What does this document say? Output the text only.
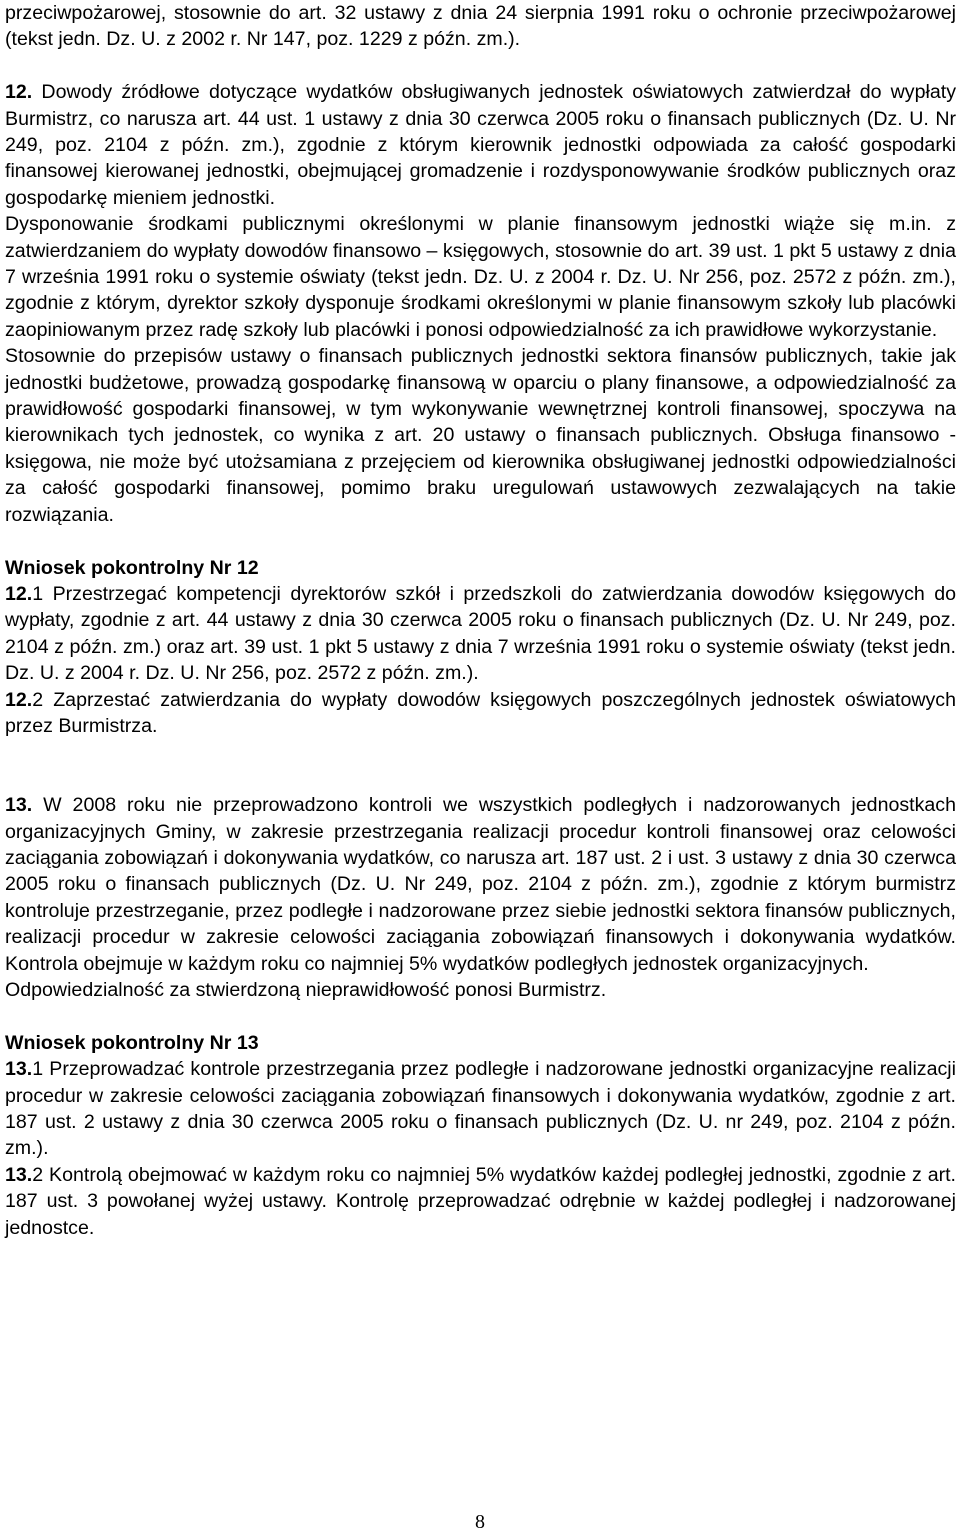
przeciwpożarowej, stosownie do art. 32 ustawy z dnia 24 sierpnia 1991 roku o ochronie przeciwpożarowej (tekst jedn. Dz. U. z 2002 r. Nr 147, poz. 1229 z późn. zm.).

12. Dowody źródłowe dotyczące wydatków obsługiwanych jednostek oświatowych zatwierdzał do wypłaty Burmistrz, co narusza art. 44 ust. 1 ustawy z dnia 30 czerwca 2005 roku o finansach publicznych (Dz. U. Nr 249, poz. 2104 z późn. zm.), zgodnie z którym kierownik jednostki odpowiada za całość gospodarki finansowej kierowanej jednostki, obejmującej gromadzenie i rozdysponowywanie środków publicznych oraz gospodarkę mieniem jednostki.

Dysponowanie środkami publicznymi określonymi w planie finansowym jednostki wiąże się m.in. z zatwierdzaniem do wypłaty dowodów finansowo – księgowych, stosownie do art. 39 ust. 1 pkt 5 ustawy z dnia 7 września 1991 roku o systemie oświaty (tekst jedn. Dz. U. z 2004 r. Dz. U. Nr 256, poz. 2572 z późn. zm.), zgodnie z którym, dyrektor szkoły dysponuje środkami określonymi w planie finansowym szkoły lub placówki zaopiniowanym przez radę szkoły lub placówki i ponosi odpowiedzialność za ich prawidłowe wykorzystanie.

Stosownie do przepisów ustawy o finansach publicznych jednostki sektora finansów publicznych, takie jak jednostki budżetowe, prowadzą gospodarkę finansową w oparciu o plany finansowe, a odpowiedzialność za prawidłowość gospodarki finansowej, w tym wykonywanie wewnętrznej kontroli finansowej, spoczywa na kierownikach tych jednostek, co wynika z art. 20 ustawy o finansach publicznych. Obsługa finansowo - księgowa, nie może być utożsamiana z przejęciem od kierownika obsługiwanej jednostki odpowiedzialności za całość gospodarki finansowej, pomimo braku uregulowań ustawowych zezwalających na takie rozwiązania.

Wniosek pokontrolny Nr 12

12.1 Przestrzegać kompetencji dyrektorów szkół i przedszkoli do zatwierdzania dowodów księgowych do wypłaty, zgodnie z art. 44 ustawy z dnia 30 czerwca 2005 roku o finansach publicznych (Dz. U. Nr 249, poz. 2104 z późn. zm.) oraz art. 39 ust. 1 pkt 5 ustawy z dnia 7 września 1991 roku o systemie oświaty (tekst jedn. Dz. U. z 2004 r. Dz. U. Nr 256, poz. 2572 z późn. zm.).

12.2 Zaprzestać zatwierdzania do wypłaty dowodów księgowych poszczególnych jednostek oświatowych przez Burmistrza.

13. W 2008 roku nie przeprowadzono kontroli we wszystkich podległych i nadzorowanych jednostkach organizacyjnych Gminy, w zakresie przestrzegania realizacji procedur kontroli finansowej oraz celowości zaciągania zobowiązań i dokonywania wydatków, co narusza art. 187 ust. 2 i ust. 3 ustawy z dnia 30 czerwca 2005 roku o finansach publicznych (Dz. U. Nr 249, poz. 2104 z późn. zm.), zgodnie z którym burmistrz kontroluje przestrzeganie, przez podległe i nadzorowane przez siebie jednostki sektora finansów publicznych, realizacji procedur w zakresie celowości zaciągania zobowiązań finansowych i dokonywania wydatków. Kontrola obejmuje w każdym roku co najmniej 5% wydatków podległych jednostek organizacyjnych.

Odpowiedzialność za stwierdzoną nieprawidłowość ponosi Burmistrz.

Wniosek pokontrolny Nr 13

13.1 Przeprowadzać kontrole przestrzegania przez podległe i nadzorowane jednostki organizacyjne realizacji procedur w zakresie celowości zaciągania zobowiązań finansowych i dokonywania wydatków, zgodnie z art. 187 ust. 2 ustawy z dnia 30 czerwca 2005 roku o finansach publicznych (Dz. U. nr 249, poz. 2104 z późn. zm.).

13.2 Kontrolą obejmować w każdym roku co najmniej 5% wydatków każdej podległej jednostki, zgodnie z art. 187 ust. 3 powołanej wyżej ustawy. Kontrolę przeprowadzać odrębnie w każdej podległej i nadzorowanej jednostce.

8
